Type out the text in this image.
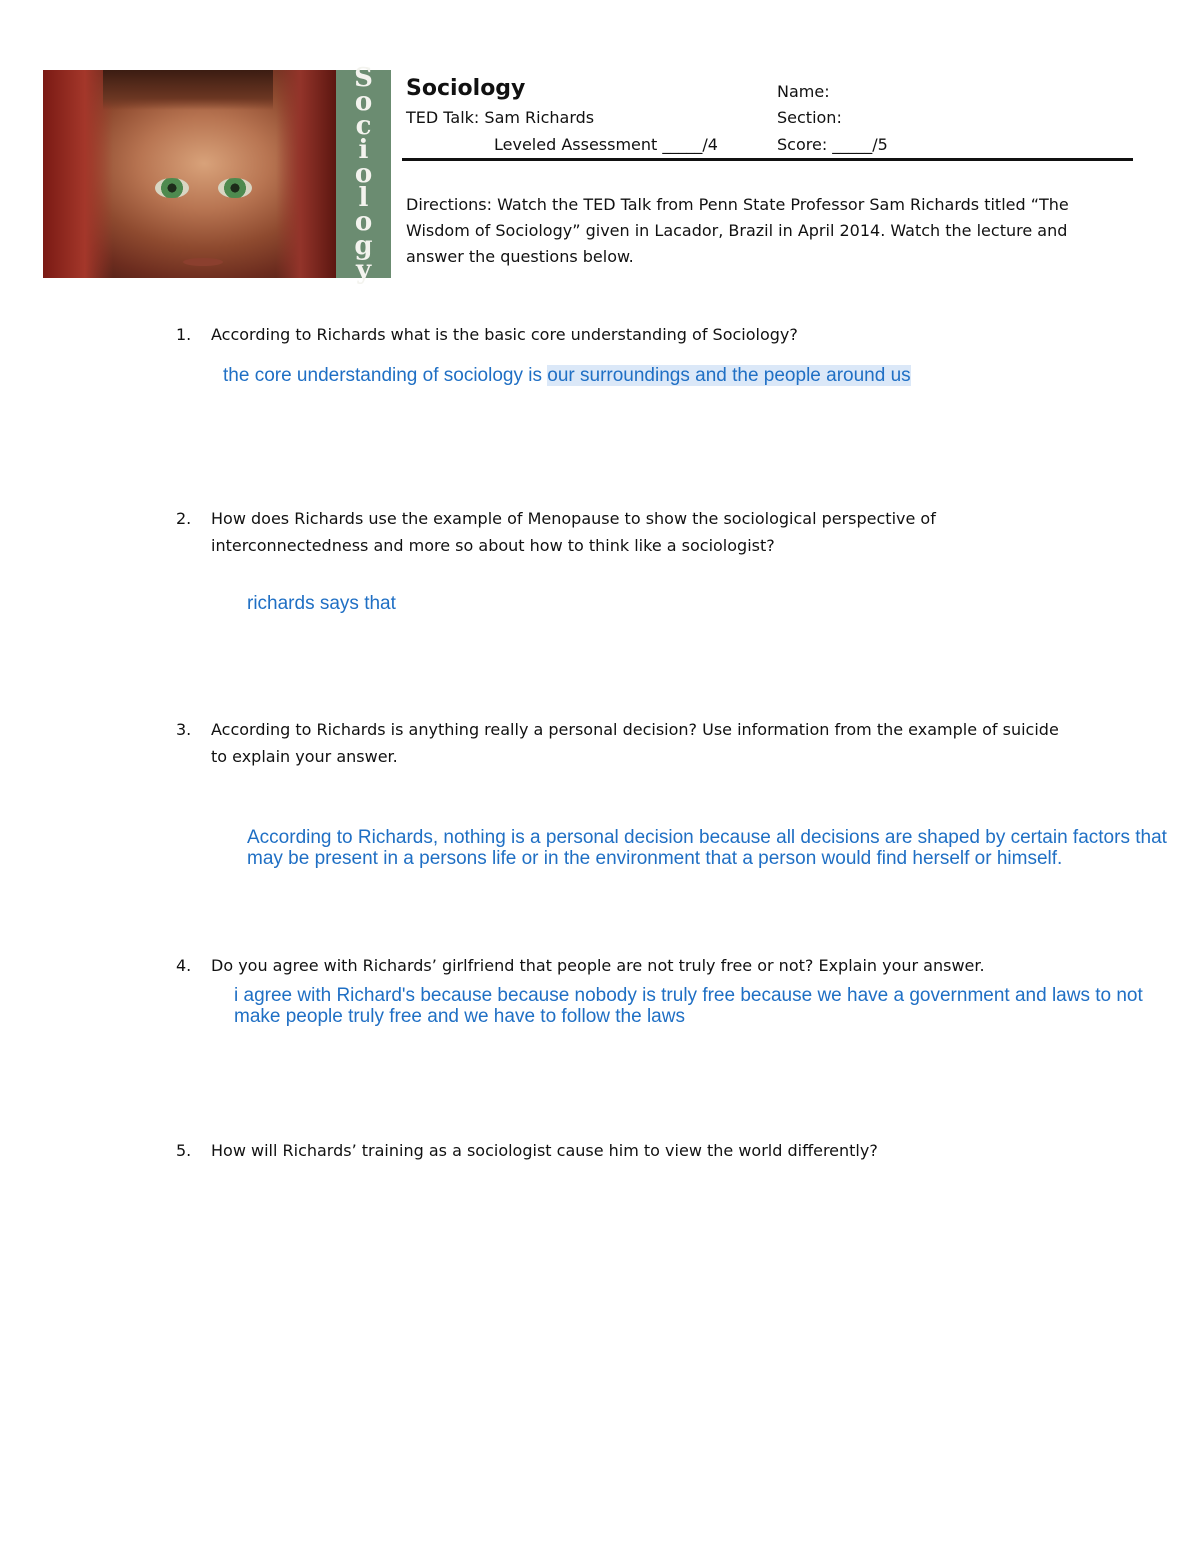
S
o
c
i
o
l
o
g
y
Sociology
TED Talk: Sam Richards
Leveled Assessment _____/4
Name:
Section:
Score: _____/5
Directions: Watch the TED Talk from Penn State Professor Sam Richards titled “The Wisdom of Sociology” given in Lacador, Brazil in April 2014. Watch the lecture and answer the questions below.
1. According to Richards what is the basic core understanding of Sociology?
the core understanding of sociology is our surroundings and the people around us
2. How does Richards use the example of Menopause to show the sociological perspective of interconnectedness and more so about how to think like a sociologist?
richards says that
3. According to Richards is anything really a personal decision? Use information from the example of suicide to explain your answer.
According to Richards, nothing is a personal decision because all decisions are shaped by certain factors that may be present in a persons life or in the environment that a person would find herself or himself.
4. Do you agree with Richards’ girlfriend that people are not truly free or not? Explain your answer.
i agree with Richard's because because nobody is truly free because we have a government and laws to not make people truly free and we have to follow the laws
5. How will Richards’ training as a sociologist cause him to view the world differently?
